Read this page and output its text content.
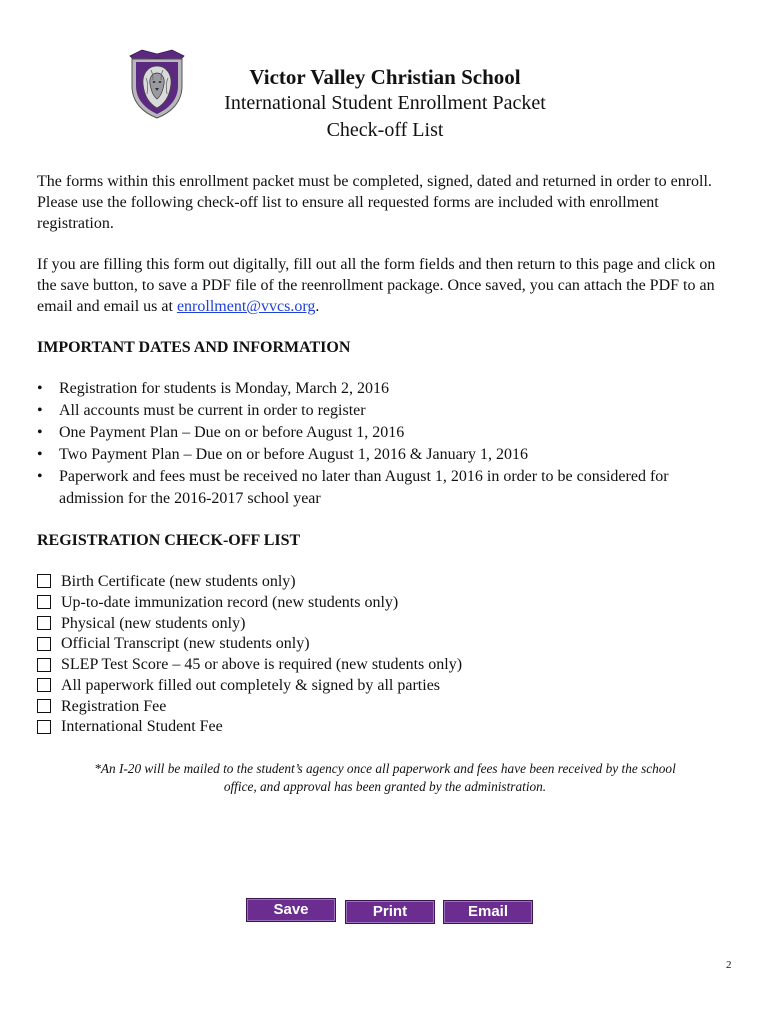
Victor Valley Christian School
International Student Enrollment Packet
Check-off List

The forms within this enrollment packet must be completed, signed, dated and returned in order to enroll. Please use the following check-off list to ensure all requested forms are included with enrollment registration.

If you are filling this form out digitally, fill out all the form fields and then return to this page and click on the save button, to save a PDF file of the reenrollment package. Once saved, you can attach the PDF to an email and email us at enrollment@vvcs.org.

IMPORTANT DATES AND INFORMATION
• Registration for students is Monday, March 2, 2016
• All accounts must be current in order to register
• One Payment Plan – Due on or before August 1, 2016
• Two Payment Plan – Due on or before August 1, 2016 & January 1, 2016
• Paperwork and fees must be received no later than August 1, 2016 in order to be considered for admission for the 2016-2017 school year
REGISTRATION CHECK-OFF LIST
Birth Certificate (new students only)
Up-to-date immunization record (new students only)
Physical (new students only)
Official Transcript (new students only)
SLEP Test Score – 45 or above is required (new students only)
All paperwork filled out completely & signed by all parties
Registration Fee
International Student Fee

*An I-20 will be mailed to the student’s agency once all paperwork and fees have been received by the school
office, and approval has been granted by the administration.

Save	Print	Email
2
